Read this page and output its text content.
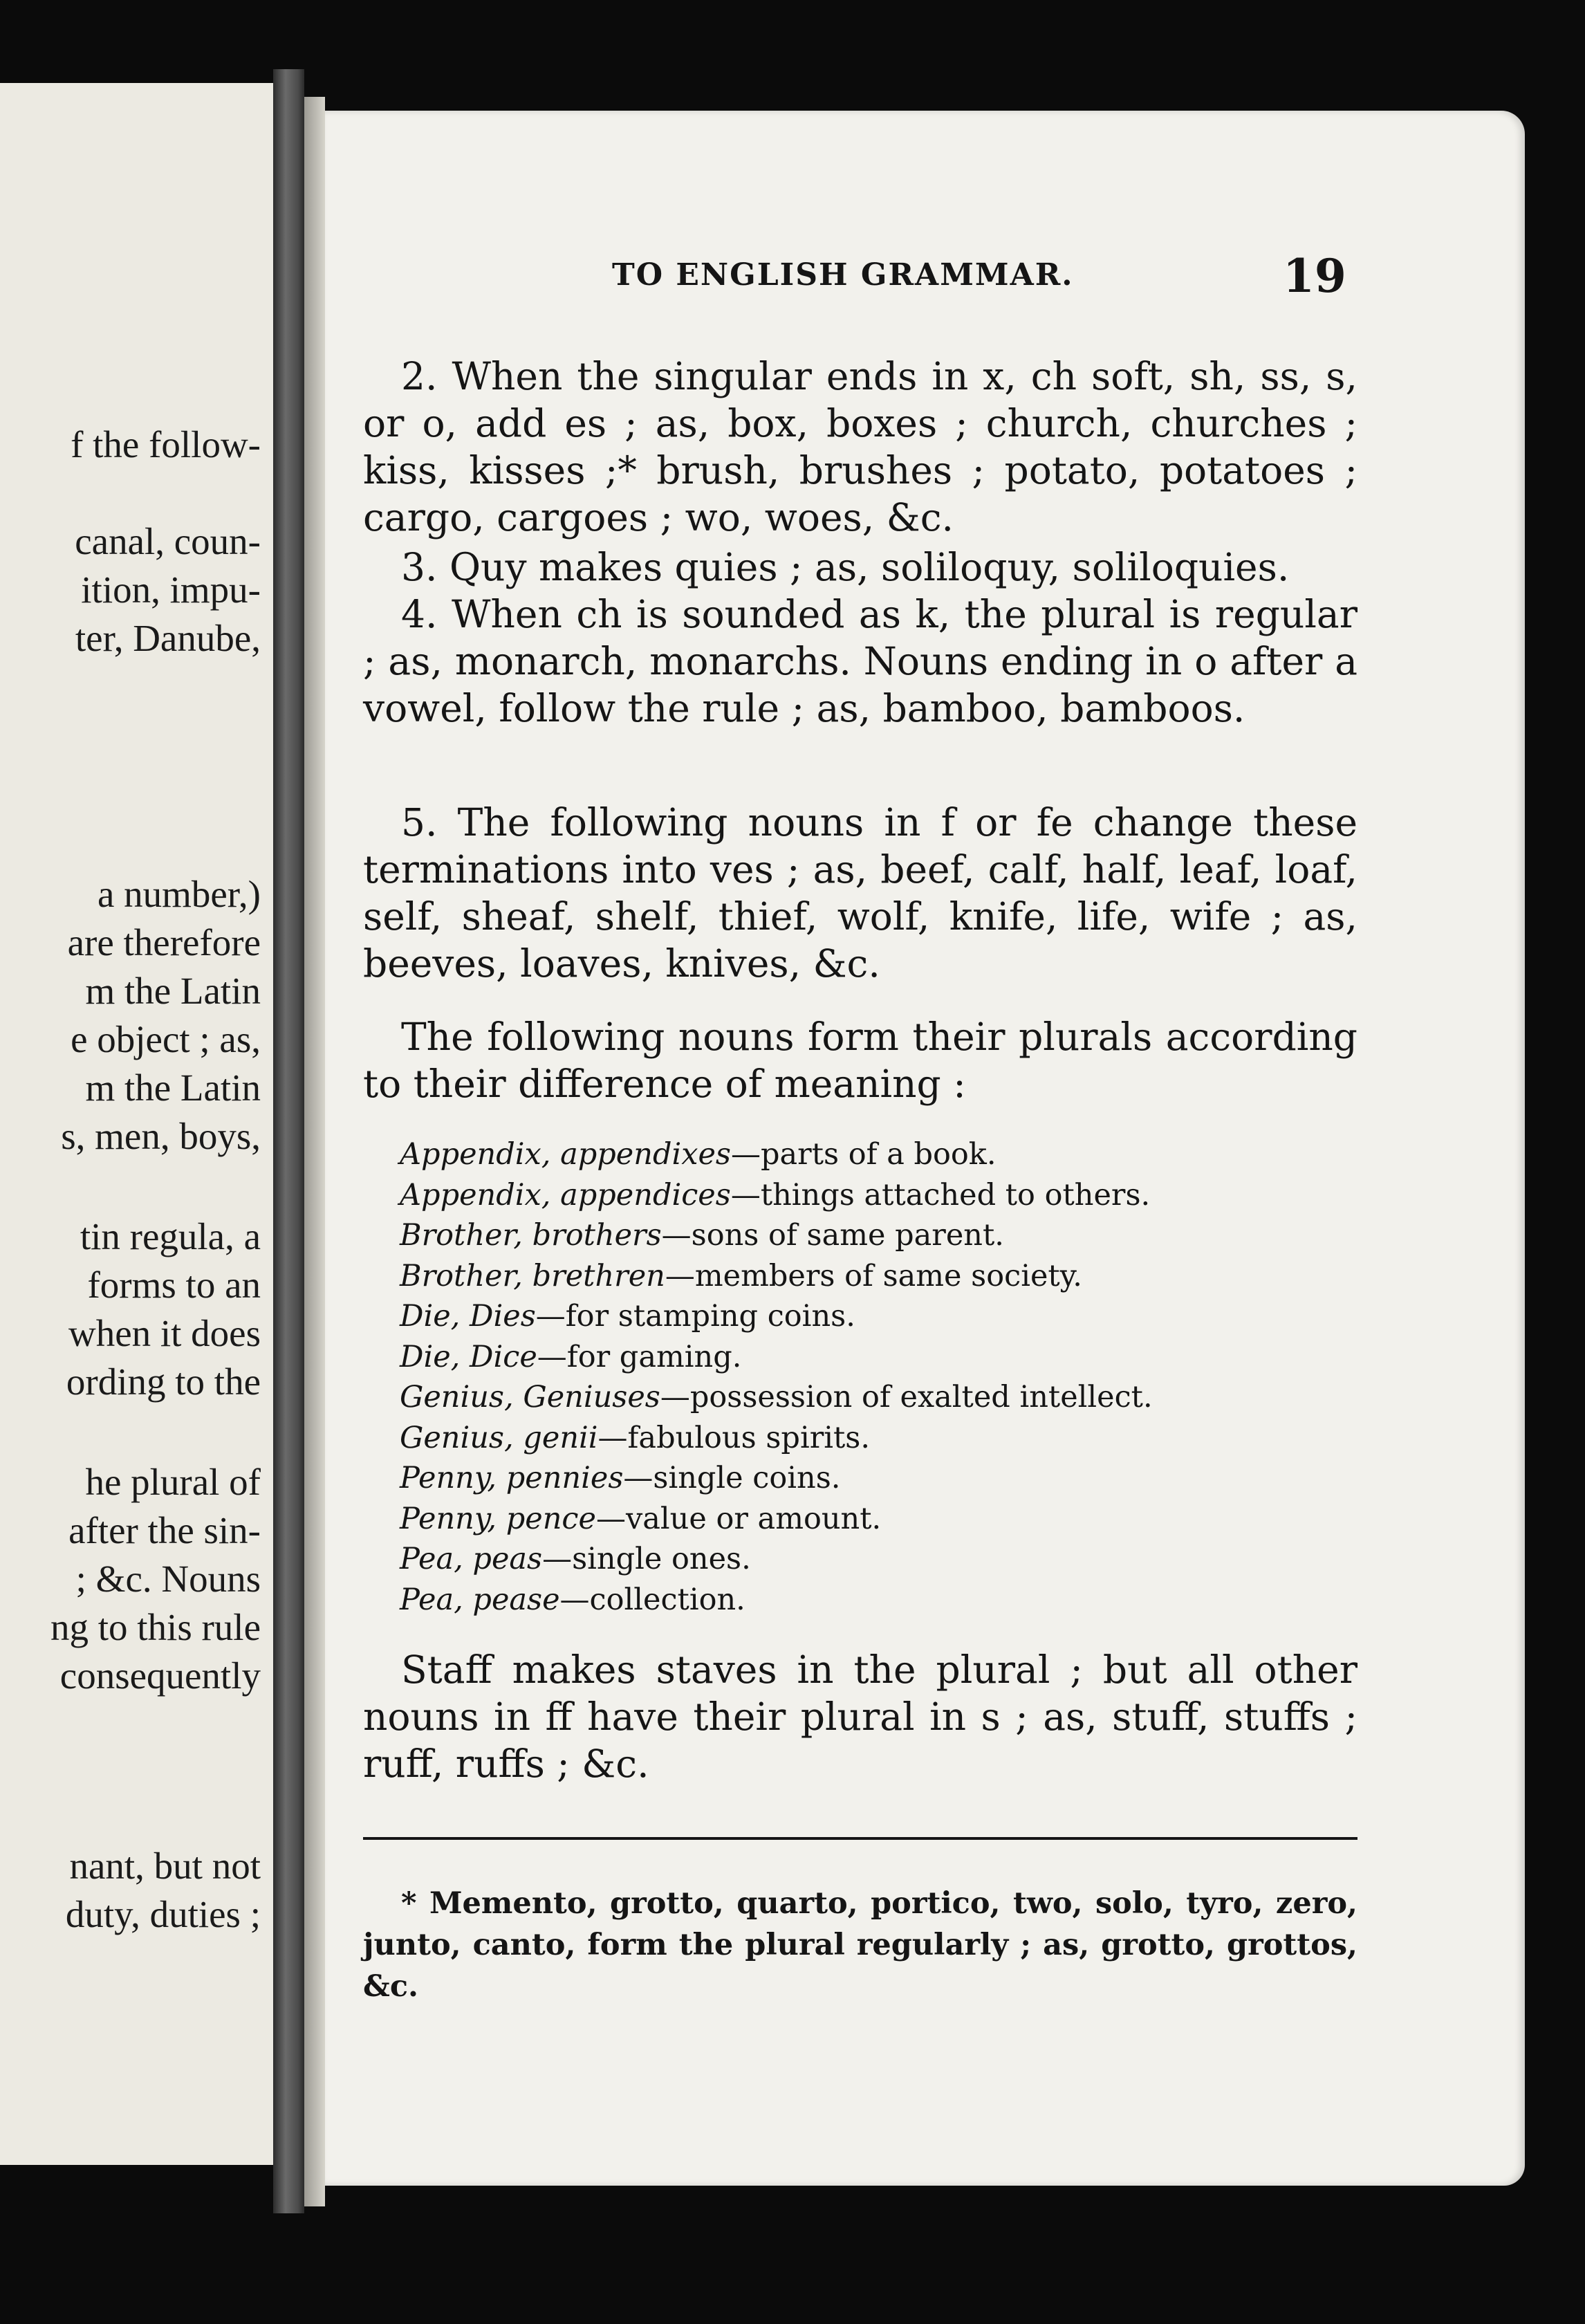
f the follow-
canal, coun-
ition, impu-
ter, Danube,
a number,)
are therefore
m the Latin
e object ; as,
m the Latin
s, men, boys,
tin regula, a
forms to an
when it does
ording to the
he plural of
after the sin-
; &c. Nouns
ng to this rule
consequently
nant, but not
duty, duties ;
TO ENGLISH GRAMMAR.	19

2. When the singular ends in x, ch soft, sh, ss, s, or o, add es ; as, box, boxes ; church, churches ; kiss, kisses ;* brush, brushes ; potato, potatoes ; cargo, cargoes ; wo, woes, &c.

3. Quy makes quies ; as, soliloquy, soliloquies.

4. When ch is sounded as k, the plural is regular ; as, monarch, monarchs. Nouns ending in o after a vowel, follow the rule ; as, bamboo, bamboos.

5. The following nouns in f or fe change these terminations into ves ; as, beef, calf, half, leaf, loaf, self, sheaf, shelf, thief, wolf, knife, life, wife ; as, beeves, loaves, knives, &c.

The following nouns form their plurals according to their difference of meaning :

Appendix, appendixes—parts of a book.
Appendix, appendices—things attached to others.
Brother, brothers—sons of same parent.
Brother, brethren—members of same society.
Die, Dies—for stamping coins.
Die, Dice—for gaming.
Genius, Geniuses—possession of exalted intellect.
Genius, genii—fabulous spirits.
Penny, pennies—single coins.
Penny, pence—value or amount.
Pea, peas—single ones.
Pea, pease—collection.

Staff makes staves in the plural ; but all other nouns in ff have their plural in s ; as, stuff, stuffs ; ruff, ruffs ; &c.

* Memento, grotto, quarto, portico, two, solo, tyro, zero, junto, canto, form the plural regularly ; as, grotto, grottos, &c.
